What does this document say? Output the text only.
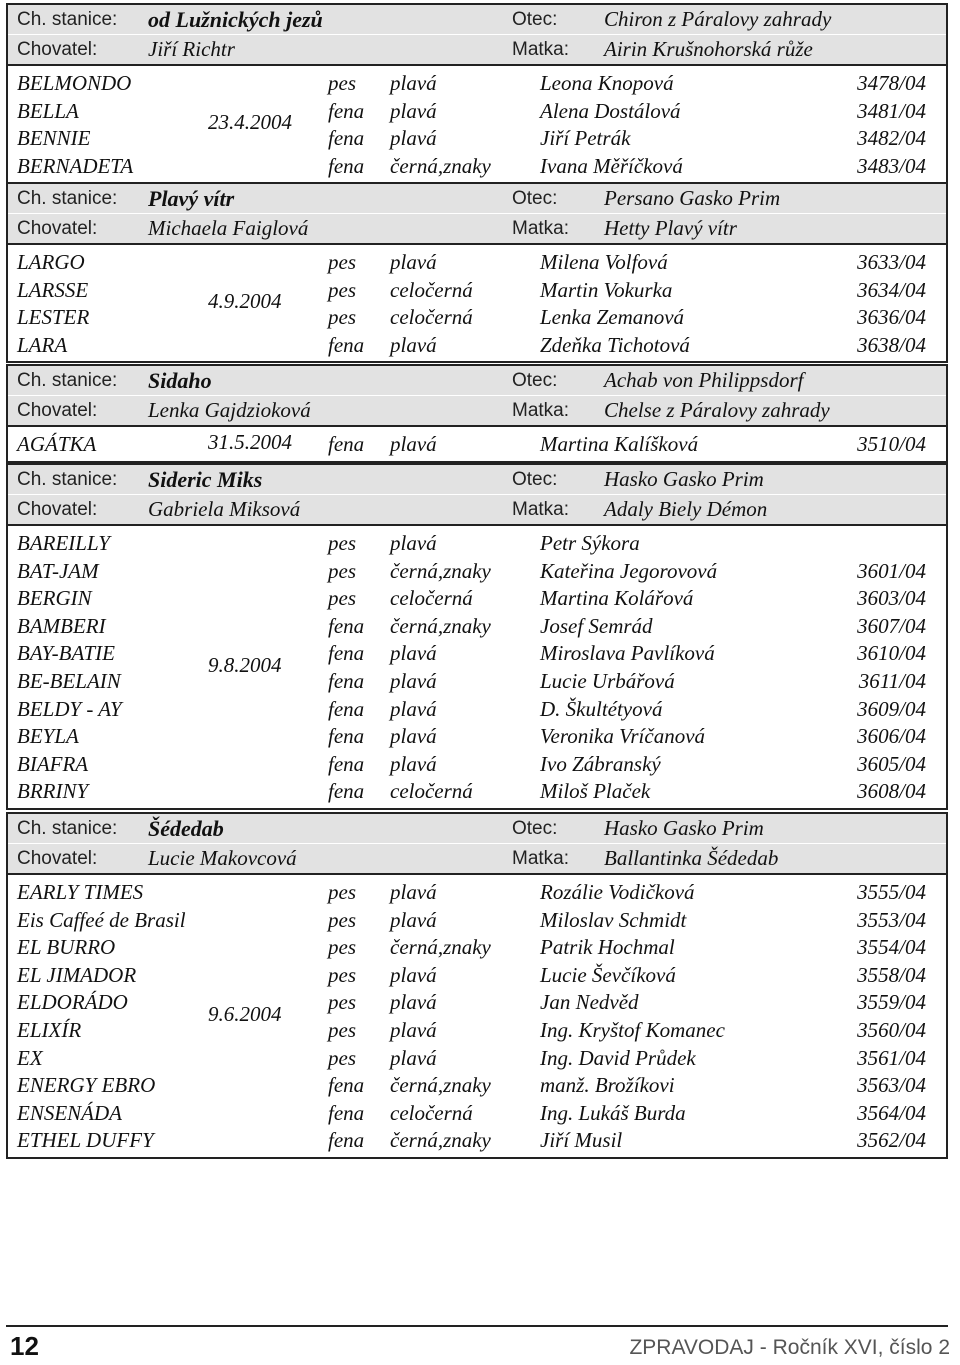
Ch. stanice: od Lužnických jezů	Otec: Chiron z Páralovy zahrady
Chovatel: Jiří Richtr	Matka: Airin Krušnohorská růže
BELMONDO	pes plavá	Leona Knopová	3478/04
BELLA	fena plavá	Alena Dostálová	3481/04
BENNIE	fena plavá	Jiří Petrák	3482/04
BERNADETA	fena černá,znaky Ivana Měříčková	3483/04
23.4.2004
Ch. stanice: Plavý vítr	Otec: Persano Gasko Prim
Chovatel: Michaela Faiglová	Matka: Hetty Plavý vítr
LARGO	pes plavá	Milena Volfová	3633/04
LARSSE	pes celočerná	Martin Vokurka	3634/04
LESTER	pes celočerná	Lenka Zemanová	3636/04
LARA	fena plavá	Zdeňka Tichotová	3638/04
4.9.2004
Ch. stanice: Sidaho	Otec: Achab von Philippsdorf
Chovatel: Lenka Gajdzioková	Matka: Chelse z Páralovy zahrady
AGÁTKA	fena plavá	Martina Kalíšková	3510/04
31.5.2004
Ch. stanice: Sideric Miks	Otec: Hasko Gasko Prim
Chovatel: Gabriela Miksová	Matka: Adaly Biely Démon
BAREILLY	pes plavá	Petr Sýkora
BAT-JAM	pes černá,znaky Kateřina Jegorovová	3601/04
BERGIN	pes celočerná	Martina Kolářová	3603/04
BAMBERI	fena černá,znaky Josef Semrád	3607/04
BAY-BATIE	fena plavá	Miroslava Pavlíková	3610/04
BE-BELAIN	fena plavá	Lucie Urbářová	3611/04
BELDY - AY	fena plavá	D. Škultétyová	3609/04
BEYLA	fena plavá	Veronika Vríčanová	3606/04
BIAFRA	fena plavá	Ivo Zábranský	3605/04
BRRINY	fena celočerná	Miloš Plaček	3608/04
9.8.2004
Ch. stanice: Šédedab	Otec: Hasko Gasko Prim
Chovatel: Lucie Makovcová	Matka: Ballantinka Šédedab
EARLY TIMES	pes plavá	Rozálie Vodičková	3555/04
Eis Caffeé de Brasil	pes plavá	Miloslav Schmidt	3553/04
EL BURRO	pes černá,znaky Patrik Hochmal	3554/04
EL JIMADOR	pes plavá	Lucie Ševčíková	3558/04
ELDORÁDO	pes plavá	Jan Nedvěd	3559/04
ELIXÍR	pes plavá	Ing. Kryštof Komanec	3560/04
EX	pes plavá	Ing. David Průdek	3561/04
ENERGY EBRO	fena černá,znaky manž. Brožíkovi	3563/04
ENSENÁDA	fena celočerná	Ing. Lukáš Burda	3564/04
ETHEL DUFFY	fena černá,znaky Jiří Musil	3562/04
9.6.2004
12	ZPRAVODAJ - Ročník XVI, číslo 2
